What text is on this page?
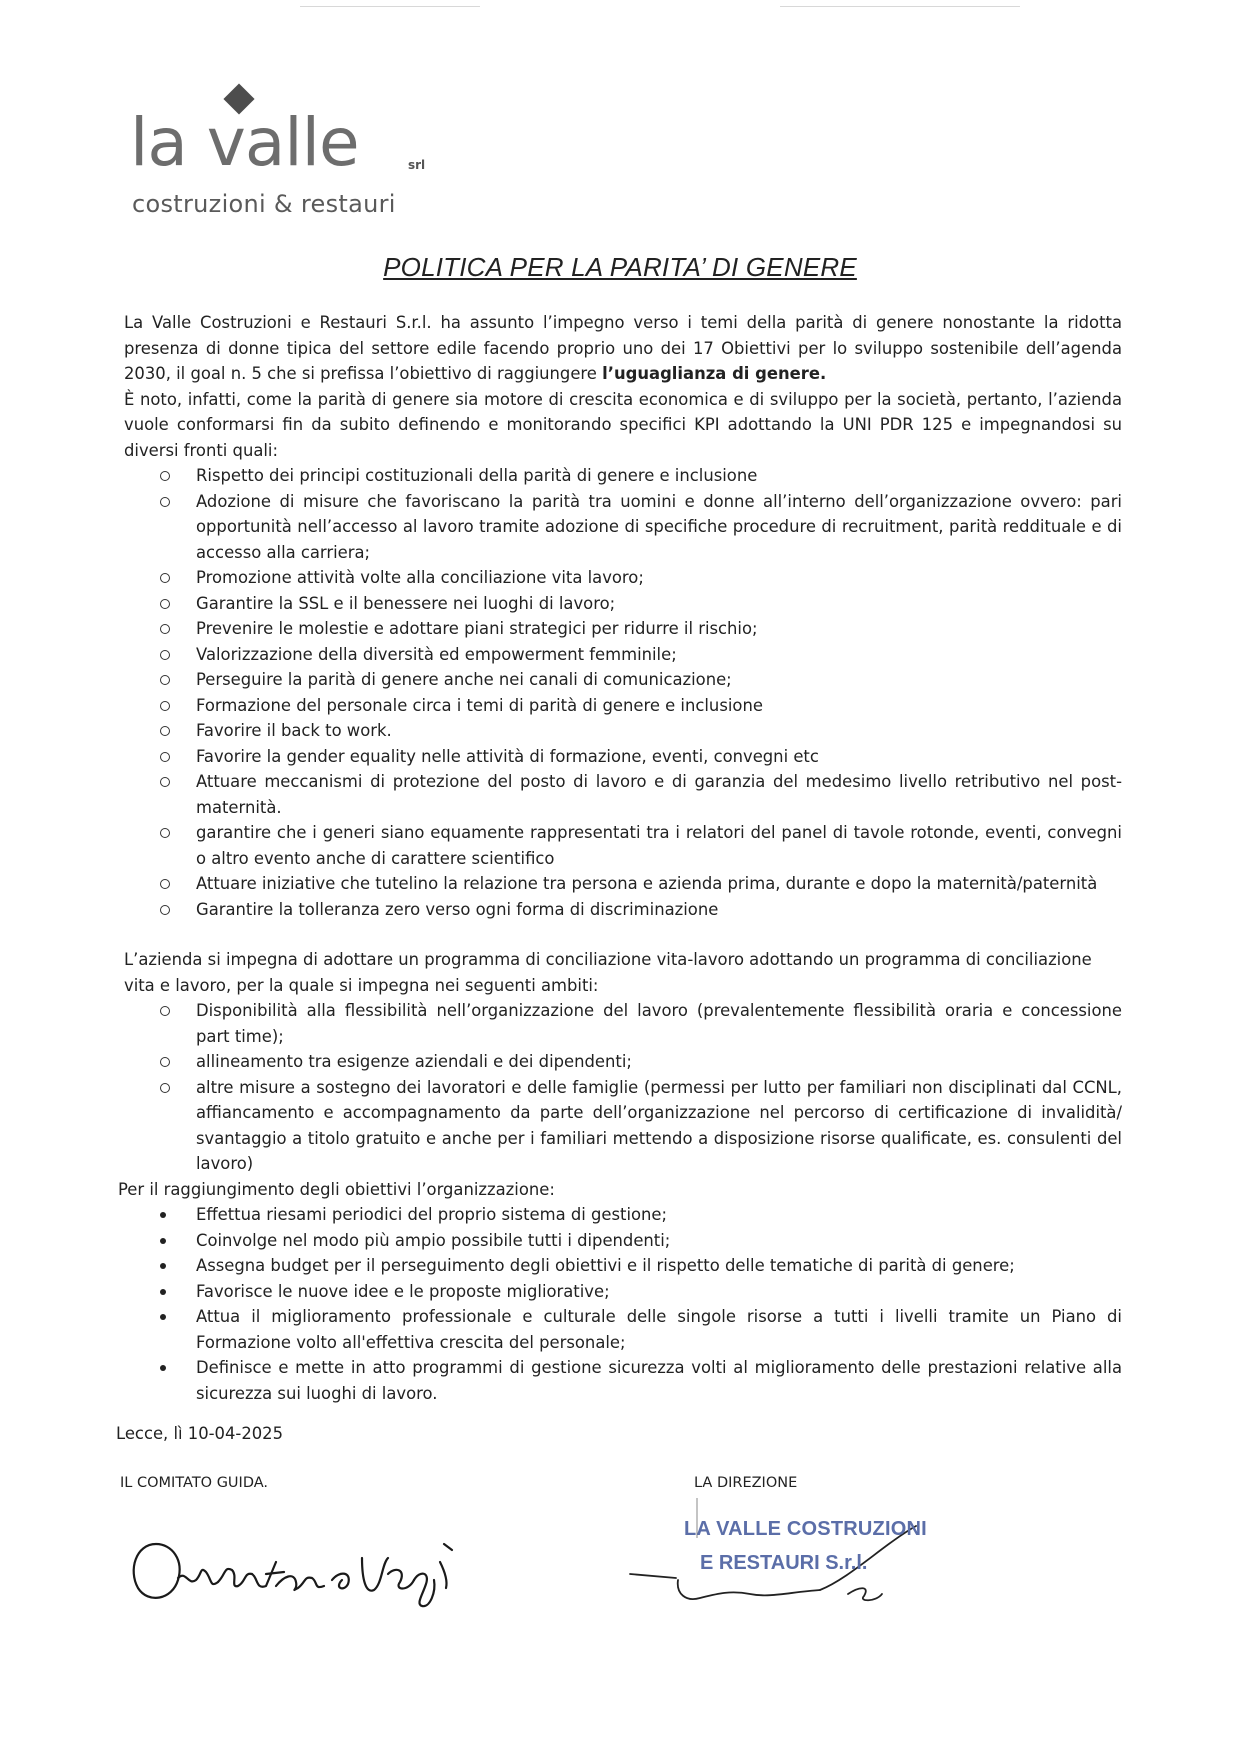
la valle	srl
costruzioni & restauri
POLITICA PER LA PARITA’ DI GENERE

La Valle Costruzioni e Restauri S.r.l. ha assunto l’impegno verso i temi della parità di genere nonostante la ridotta presenza di donne tipica del settore edile facendo proprio uno dei 17 Obiettivi per lo sviluppo sostenibile dell’agenda 2030, il goal n. 5 che si prefissa l’obiettivo di raggiungere l’uguaglianza di genere.

È noto, infatti, come la parità di genere sia motore di crescita economica e di sviluppo per la società, pertanto, l’azienda vuole conformarsi fin da subito definendo e monitorando specifici KPI adottando la UNI PDR 125 e impegnandosi su diversi fronti quali:

Rispetto dei principi costituzionali della parità di genere e inclusione
Adozione di misure che favoriscano la parità tra uomini e donne all’interno dell’organizzazione ovvero: pari opportunità nell’accesso al lavoro tramite adozione di specifiche procedure di recruitment, parità reddituale e di accesso alla carriera;
Promozione attività volte alla conciliazione vita lavoro;
Garantire la SSL e il benessere nei luoghi di lavoro;
Prevenire le molestie e adottare piani strategici per ridurre il rischio;
Valorizzazione della diversità ed empowerment femminile;
Perseguire la parità di genere anche nei canali di comunicazione;
Formazione del personale circa i temi di parità di genere e inclusione
Favorire il back to work.
Favorire la gender equality nelle attività di formazione, eventi, convegni etc
Attuare meccanismi di protezione del posto di lavoro e di garanzia del medesimo livello retributivo nel post-maternità.
garantire che i generi siano equamente rappresentati tra i relatori del panel di tavole rotonde, eventi, convegni o altro evento anche di carattere scientifico
Attuare iniziative che tutelino la relazione tra persona e azienda prima, durante e dopo la maternità/paternità
Garantire la tolleranza zero verso ogni forma di discriminazione

L’azienda si impegna di adottare un programma di conciliazione vita-lavoro adottando un programma di conciliazione vita e lavoro, per la quale si impegna nei seguenti ambiti:

Disponibilità alla flessibilità nell’organizzazione del lavoro (prevalentemente flessibilità oraria e concessione part time);
allineamento tra esigenze aziendali e dei dipendenti;
altre misure a sostegno dei lavoratori e delle famiglie (permessi per lutto per familiari non disciplinati dal CCNL, affiancamento e accompagnamento da parte dell’organizzazione nel percorso di certificazione di invalidità/ svantaggio a titolo gratuito e anche per i familiari mettendo a disposizione risorse qualificate, es. consulenti del lavoro)

Per il raggiungimento degli obiettivi l’organizzazione:

Effettua riesami periodici del proprio sistema di gestione;
Coinvolge nel modo più ampio possibile tutti i dipendenti;
Assegna budget per il perseguimento degli obiettivi e il rispetto delle tematiche di parità di genere;
Favorisce le nuove idee e le proposte migliorative;
Attua il miglioramento professionale e culturale delle singole risorse a tutti i livelli tramite un Piano di Formazione volto all'effettiva crescita del personale;
Definisce e mette in atto programmi di gestione sicurezza volti al miglioramento delle prestazioni relative alla sicurezza sui luoghi di lavoro.
Lecce, lì 10-04-2025
IL COMITATO GUIDA.	LA DIREZIONE
LA VALLE COSTRUZIONI
E RESTAURI S.r.l.
